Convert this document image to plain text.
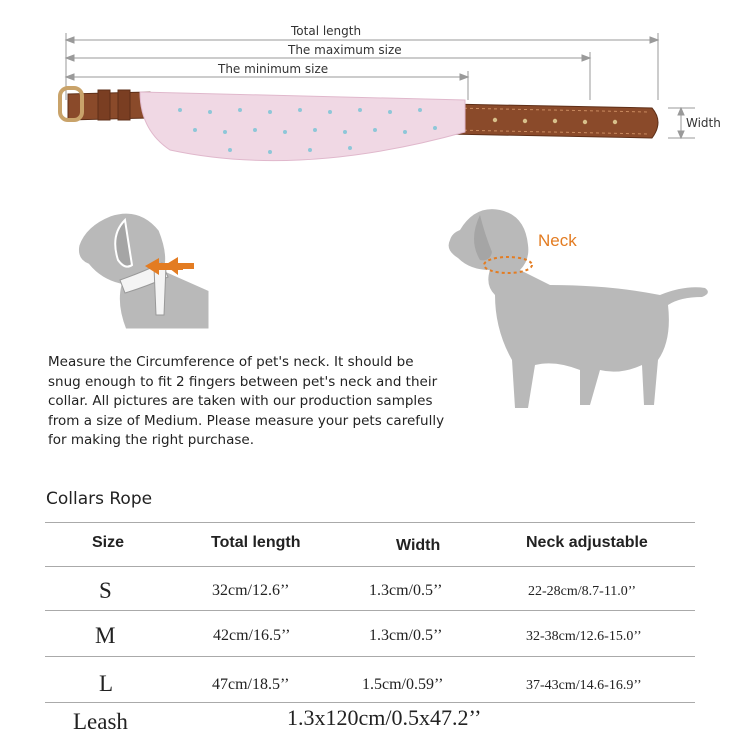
Total length
The maximum size
The minimum size
Width
Neck
Measure the Circumference of pet's neck. It should be
snug enough to fit 2 fingers between pet's neck and their
collar. All pictures are taken with our production samples
from a size of Medium. Please measure your pets carefully
for making the right purchase.
Collars Rope
Size	Total length	Width	Neck adjustable
S	32cm/12.6’’	1.3cm/0.5’’	22-28cm/8.7-11.0’’
M	42cm/16.5’’	1.3cm/0.5’’	32-38cm/12.6-15.0’’
L	47cm/18.5’’	1.5cm/0.59’’	37-43cm/14.6-16.9’’
Leash	1.3x120cm/0.5x47.2’’
